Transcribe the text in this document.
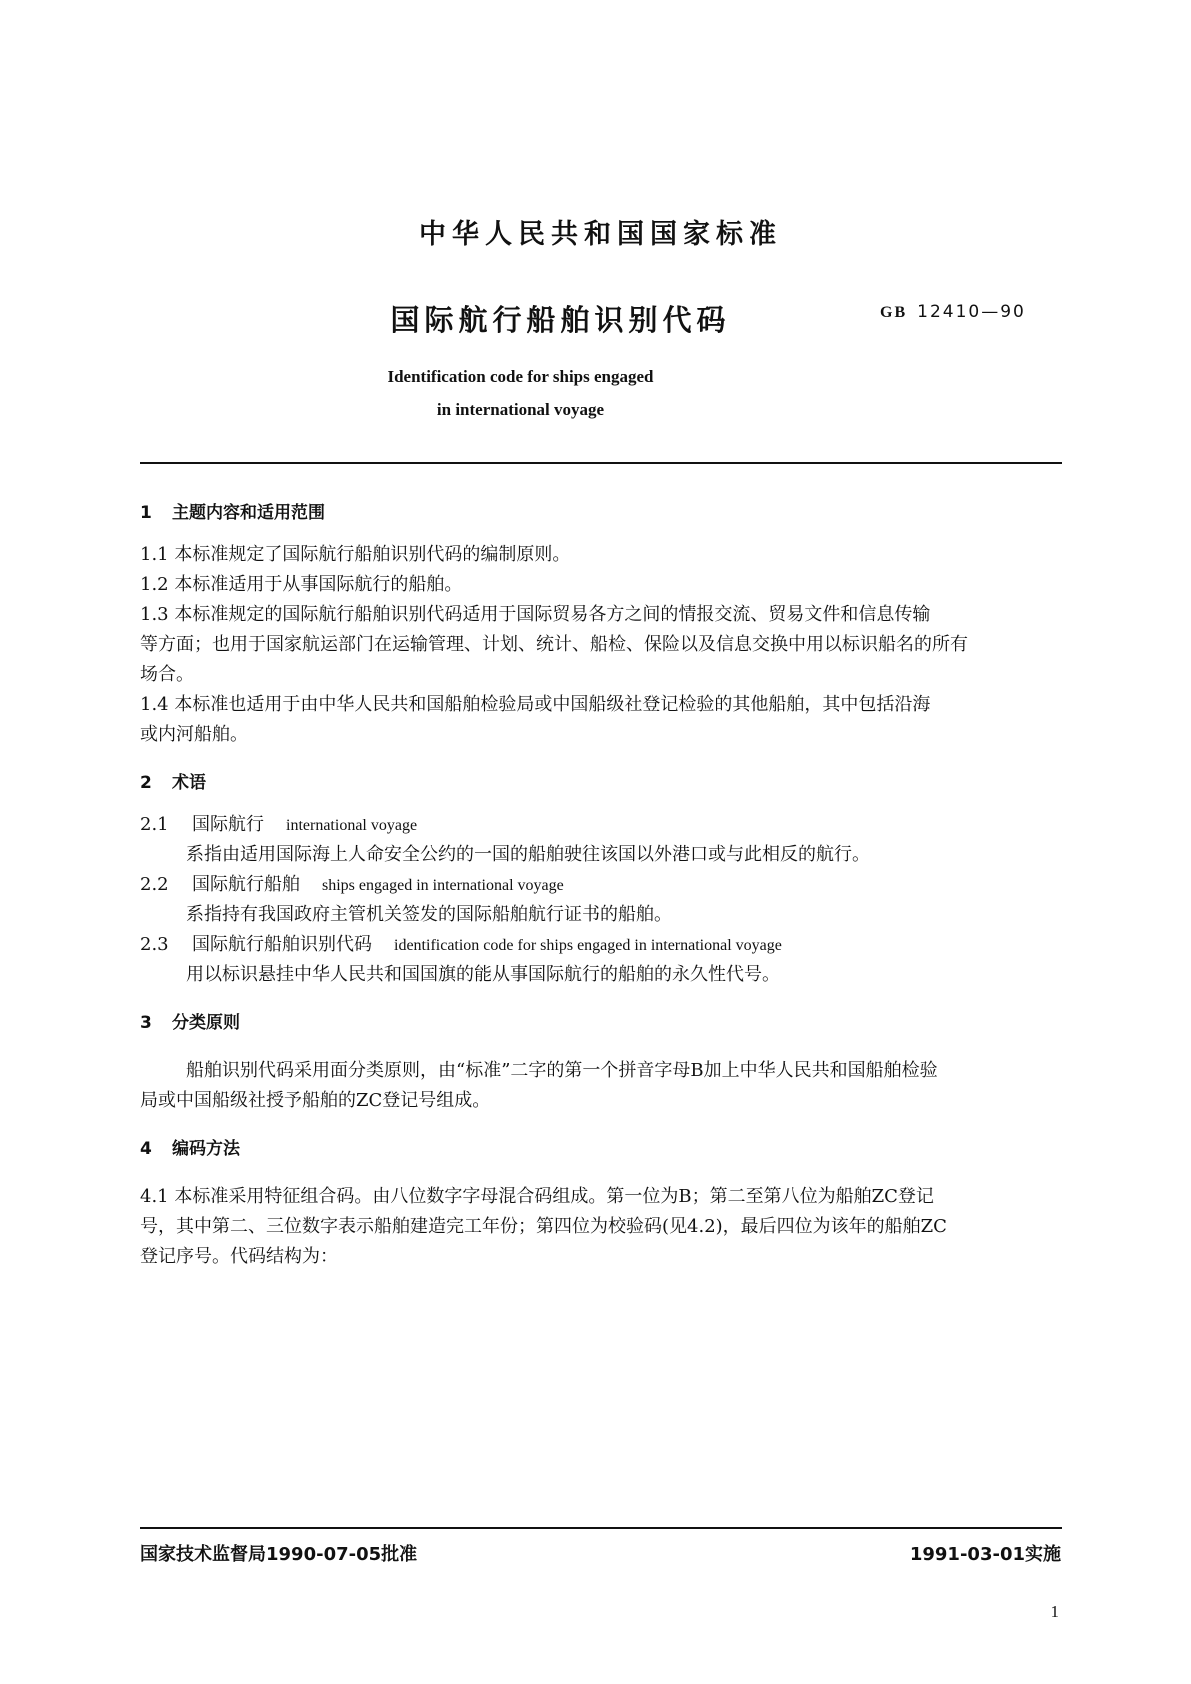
中华人民共和国国家标准
国际航行船舶识别代码	GB 12410—90
Identification code for ships engaged
in international voyage
1 主题内容和适用范围

1.1 本标准规定了国际航行船舶识别代码的编制原则。

1.2 本标准适用于从事国际航行的船舶。

1.3 本标准规定的国际航行船舶识别代码适用于国际贸易各方之间的情报交流、贸易文件和信息传输

等方面；也用于国家航运部门在运输管理、计划、统计、船检、保险以及信息交换中用以标识船名的所有

场合。

1.4 本标准也适用于由中华人民共和国船舶检验局或中国船级社登记检验的其他船舶，其中包括沿海

或内河船舶。

2 术语

2.1 国际航行 international voyage

系指由适用国际海上人命安全公约的一国的船舶驶往该国以外港口或与此相反的航行。

2.2 国际航行船舶 ships engaged in international voyage

系指持有我国政府主管机关签发的国际船舶航行证书的船舶。

2.3 国际航行船舶识别代码 identification code for ships engaged in international voyage

用以标识悬挂中华人民共和国国旗的能从事国际航行的船舶的永久性代号。

3 分类原则

船舶识别代码采用面分类原则，由“标准”二字的第一个拼音字母B加上中华人民共和国船舶检验

局或中国船级社授予船舶的ZC登记号组成。

4 编码方法

4.1 本标准采用特征组合码。由八位数字字母混合码组成。第一位为B；第二至第八位为船舶ZC登记

号，其中第二、三位数字表示船舶建造完工年份；第四位为校验码(见4.2)，最后四位为该年的船舶ZC

登记序号。代码结构为：

国家技术监督局1990-07-05批准	1991-03-01实施
1
